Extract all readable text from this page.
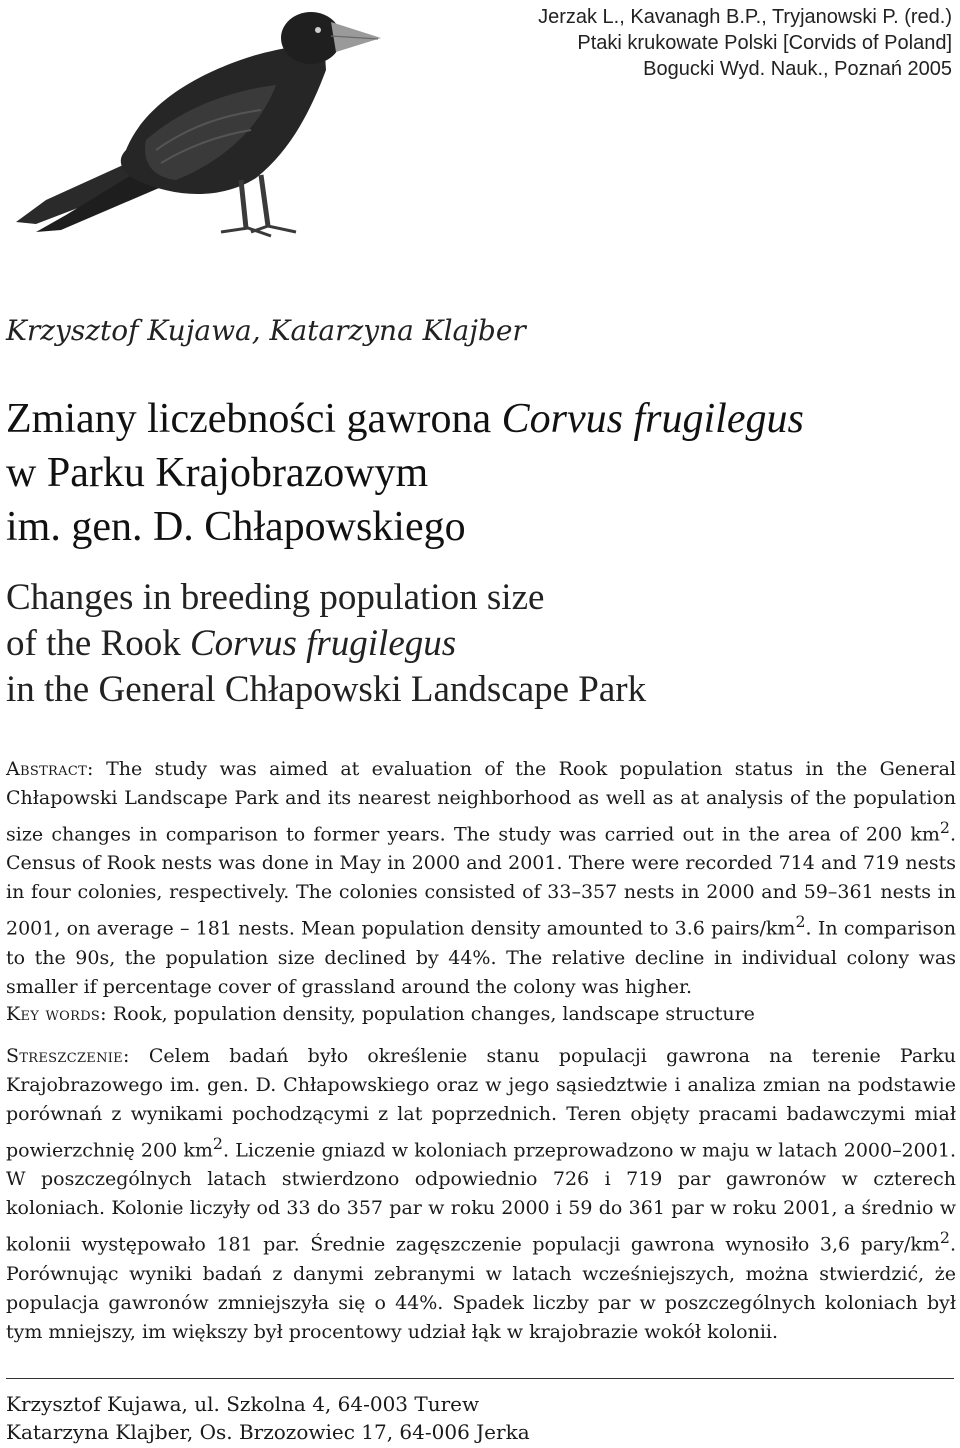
Jerzak L., Kavanagh B.P., Tryjanowski P. (red.)
Ptaki krukowate Polski [Corvids of Poland]
Bogucki Wyd. Nauk., Poznań 2005
Krzysztof Kujawa, Katarzyna Klajber
Zmiany liczebności gawrona Corvus frugilegus
w Parku Krajobrazowym
im. gen. D. Chłapowskiego
Changes in breeding population size
of the Rook Corvus frugilegus
in the General Chłapowski Landscape Park

Abstract: The study was aimed at evaluation of the Rook population status in the General Chłapowski Landscape Park and its nearest neighborhood as well as at analysis of the population size changes in comparison to former years. The study was carried out in the area of 200 $km^2$. Census of Rook nests was done in May in 2000 and 2001. There were recorded 714 and 719 nests in four colonies, respectively. The colonies consisted of 33–357 nests in 2000 and 59–361 nests in 2001, on average – 181 nests. Mean population density amounted to 3.6 pairs/$km^2$. In comparison to the 90s, the population size declined by 44%. The relative decline in individual colony was smaller if percentage cover of grassland around the colony was higher.

Key words: Rook, population density, population changes, landscape structure

Streszczenie: Celem badań było określenie stanu populacji gawrona na terenie Parku Krajobrazowego im. gen. D. Chłapowskiego oraz w jego sąsiedztwie i analiza zmian na podstawie porównań z wynikami pochodzącymi z lat poprzednich. Teren objęty pracami badawczymi miał powierzchnię 200 $km^2$. Liczenie gniazd w koloniach przeprowadzono w maju w latach 2000–2001. W poszczególnych latach stwierdzono odpowiednio 726 i 719 par gawronów w czterech koloniach. Kolonie liczyły od 33 do 357 par w roku 2000 i 59 do 361 par w roku 2001, a średnio w kolonii występowało 181 par. Średnie zagęszczenie populacji gawrona wynosiło 3,6 pary/$km^2$. Porównując wyniki badań z danymi zebranymi w latach wcześniejszych, można stwierdzić, że populacja gawronów zmniejszyła się o 44%. Spadek liczby par w poszczególnych koloniach był tym mniejszy, im większy był procentowy udział łąk w krajobrazie wokół kolonii.

Krzysztof Kujawa, ul. Szkolna 4, 64-003 Turew
Katarzyna Klajber, Os. Brzozowiec 17, 64-006 Jerka
